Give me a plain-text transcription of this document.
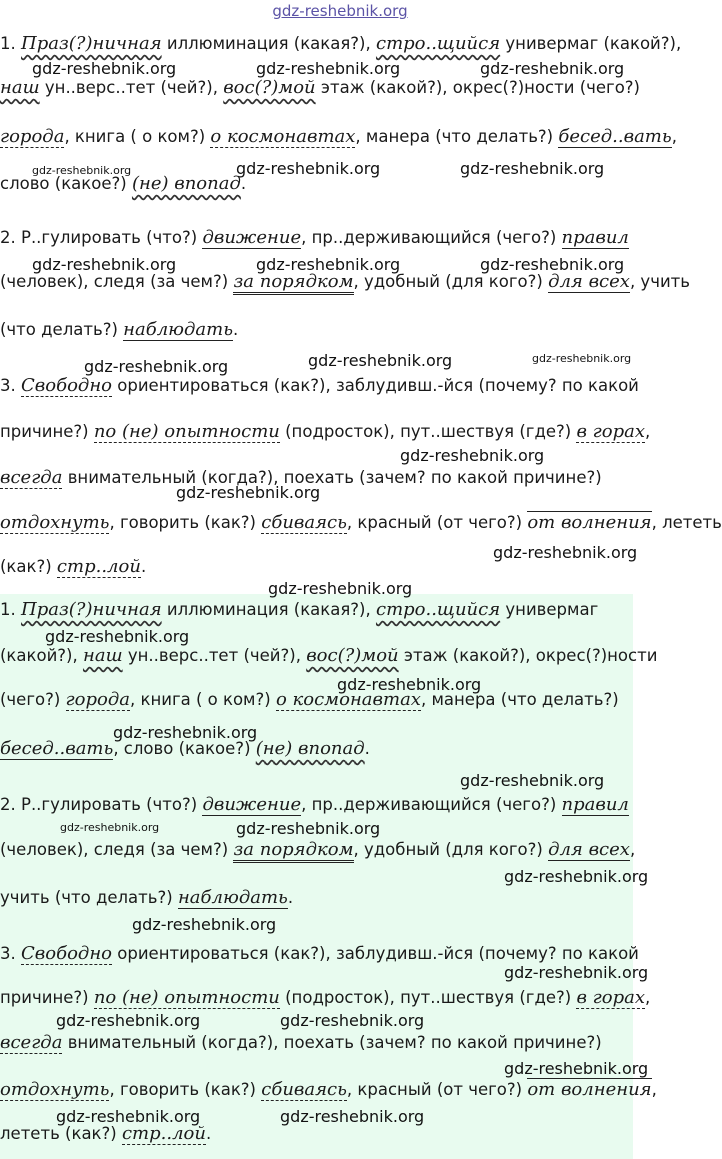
gdz-reshebnik.org
1. Праз(?)ничная иллюминация (какая?), стро..щийся универмаг (какой?),
наш ун..верс..тет (чей?), вос(?)мой этаж (какой?), окрес(?)ности (чего?)
города, книга ( о ком?) о космонавтах, манера (что делать?) бесед..вать,
слово (какое?) (не) впопад.
2. Р..гулировать (что?) движение, пр..держивающийся (чего?) правил
(человек), следя (за чем?) за порядком, удобный (для кого?) для всех, учить
(что делать?) наблюдать.
3. Свободно ориентироваться (как?), заблудивш.-йся (почему? по какой
причине?) по (не) опытности (подросток), пут..шествуя (где?) в горах,
всегда внимательный (когда?), поехать (зачем? по какой причине?)
отдохнуть, говорить (как?) сбиваясь, красный (от чего?) от волнения, лететь
(как?) стр..лой.
1. Праз(?)ничная иллюминация (какая?), стро..щийся универмаг
(какой?), наш ун..верс..тет (чей?), вос(?)мой этаж (какой?), окрес(?)ности
(чего?) города, книга ( о ком?) о космонавтах, манера (что делать?)
бесед..вать, слово (какое?) (не) впопад.
2. Р..гулировать (что?) движение, пр..держивающийся (чего?) правил
(человек), следя (за чем?) за порядком, удобный (для кого?) для всех,
учить (что делать?) наблюдать.
3. Свободно ориентироваться (как?), заблудивш.-йся (почему? по какой
причине?) по (не) опытности (подросток), пут..шествуя (где?) в горах,
всегда внимательный (когда?), поехать (зачем? по какой причине?)
отдохнуть, говорить (как?) сбиваясь, красный (от чего?) от волнения,
лететь (как?) стр..лой.
gdz-reshebnik.org	gdz-reshebnik.org	gdz-reshebnik.org
gdz-reshebnik.org	gdz-reshebnik.org	gdz-reshebnik.org
gdz-reshebnik.org	gdz-reshebnik.org	gdz-reshebnik.org
gdz-reshebnik.org	gdz-reshebnik.org	gdz-reshebnik.org
gdz-reshebnik.org
gdz-reshebnik.org
gdz-reshebnik.org
gdz-reshebnik.org
gdz-reshebnik.org
gdz-reshebnik.org
gdz-reshebnik.org
gdz-reshebnik.org
gdz-reshebnik.org	gdz-reshebnik.org
gdz-reshebnik.org
gdz-reshebnik.org
gdz-reshebnik.org
gdz-reshebnik.org	gdz-reshebnik.org
gdz-reshebnik.org
gdz-reshebnik.org	gdz-reshebnik.org
